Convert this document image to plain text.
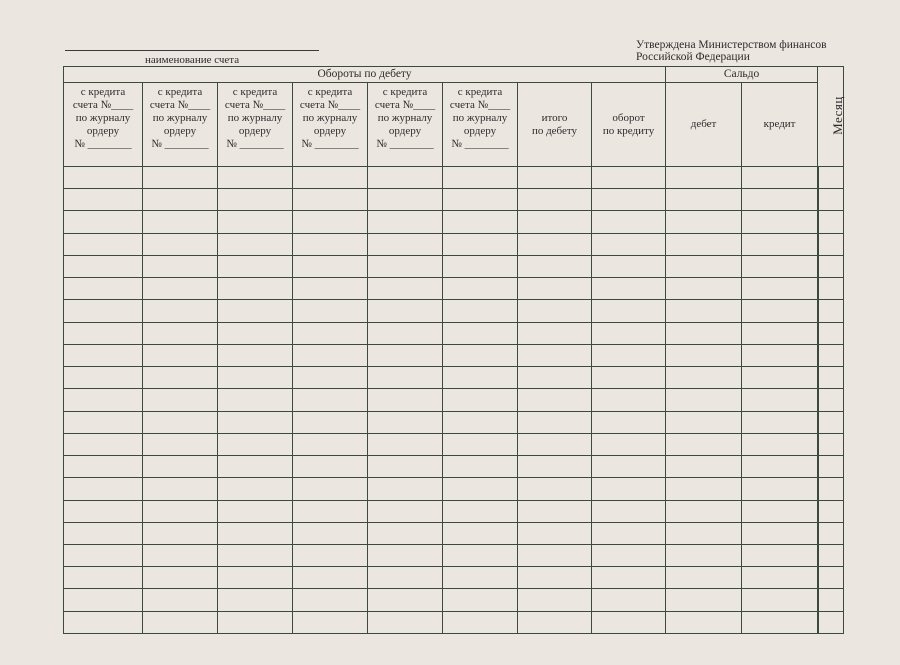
наименование счета
Утверждена Министерством финансов
Российской Федерации
Обороты по дебету								Сальдо		Месяц

с кредита
счета №____
по журналу
ордеру
№ ________	с кредита
счета №____
по журналу
ордеру
№ ________	с кредита
счета №____
по журналу
ордеру
№ ________	с кредита
счета №____
по журналу
ордеру
№ ________	с кредита
счета №____
по журналу
ордеру
№ ________	с кредита
счета №____
по журналу
ордеру
№ ________	итого
по дебету	оборот
по кредиту	дебет	кредит	
